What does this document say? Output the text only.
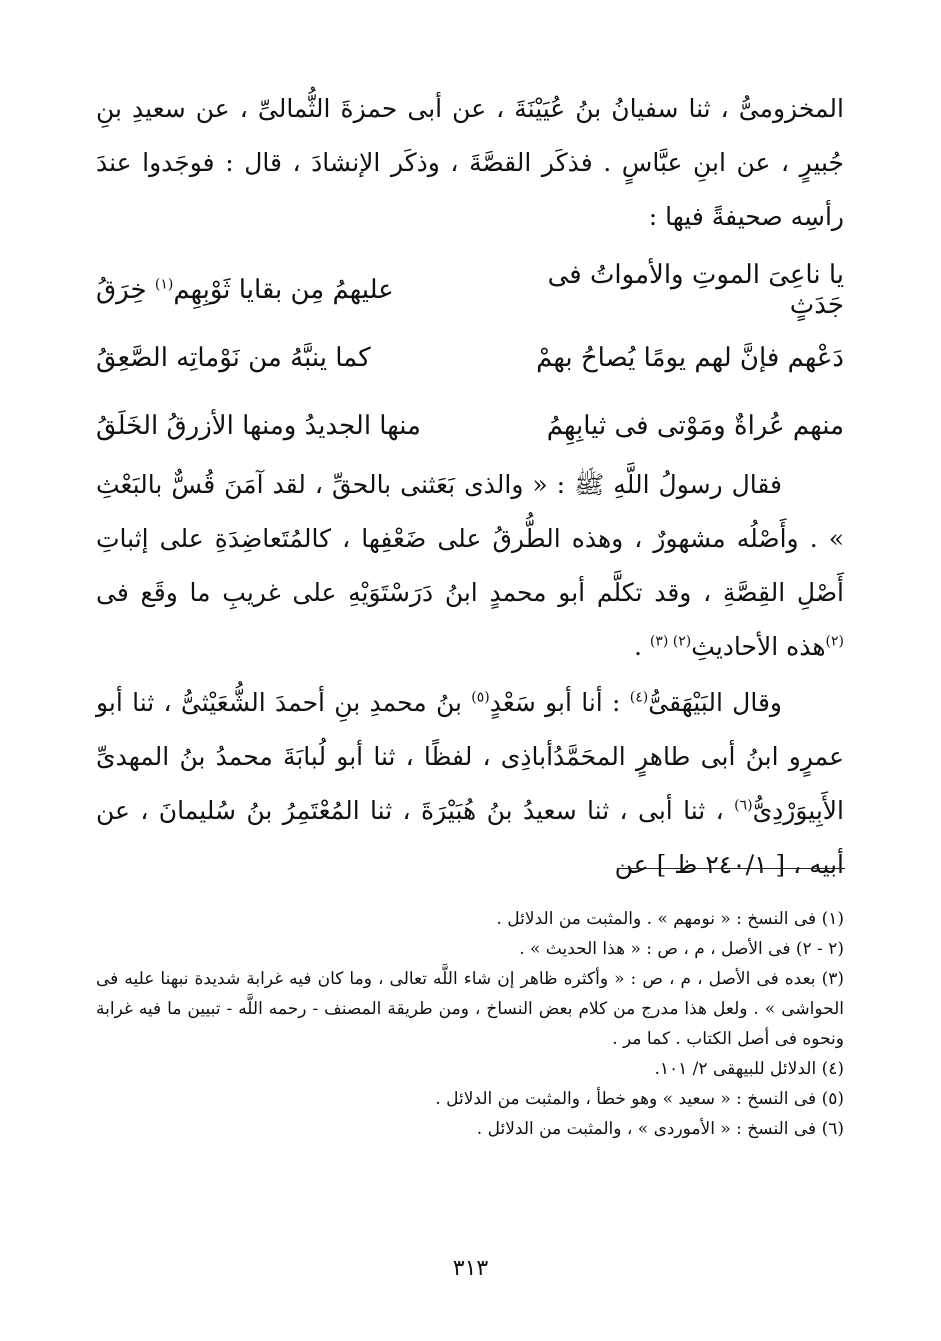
المخزومىُّ ، ثنا سفيانُ بنُ عُيَيْنَةَ ، عن أبى حمزةَ الثُّمالىِّ ، عن سعيدِ بنِ جُبيرٍ ، عن ابنِ عبَّاسٍ . فذكَر القصَّةَ ، وذكَر الإنشادَ ، قال : فوجَدوا عندَ رأسِه صحيفةً فيها :

يا ناعِىَ الموتِ والأمواتُ فى جَدَثٍ
عليهمُ مِن بقايا ثَوْبِهِم$^{(١)}$ خِرَقُ
دَعْهم فإنَّ لهم يومًا يُصاحُ بهمْ
كما ينبَّهُ من نَوْماتِه الصَّعِقُ
منهم عُراةٌ ومَوْتى فى ثيابِهِمُ
منها الجديدُ ومنها الأزرقُ الخَلَقُ

فقال رسولُ اللَّهِ ﷺ : « والذى بَعَثنى بالحقِّ ، لقد آمَنَ قُسٌّ بالبَعْثِ » . وأَصْلُه مشهورٌ ، وهذه الطُّرقُ على ضَعْفِها ، كالمُتَعاضِدَةِ على إثباتِ أَصْلِ القِصَّةِ ، وقد تكلَّم أبو محمدٍ ابنُ دَرَسْتَوَيْهِ على غريبِ ما وقَع فى $^{(٢)}$هذه الأحاديثِ$^{(٢) (٣)}$ .

وقال البَيْهَقىُّ$^{(٤)}$ : أنا أبو سَعْدٍ$^{(٥)}$ بنُ محمدِ بنِ أحمدَ الشُّعَيْثىُّ ، ثنا أبو عمرٍو ابنُ أبى طاهرٍ المحَمَّدُأباذِى ، لفظًا ، ثنا أبو لُبابَةَ محمدُ بنُ المهدىِّ الأَبِيوَرْدِىُّ$^{(٦)}$ ، ثنا أبى ، ثنا سعيدُ بنُ هُبَيْرَةَ ، ثنا المُعْتَمِرُ بنُ سُليمانَ ، عن أبيه ، [ ٢٤٠/١ ظ ] عن

(١) فى النسخ : « نومهم » . والمثبت من الدلائل .

(٢ - ٢) فى الأصل ، م ، ص : « هذا الحديث » .

(٣) بعده فى الأصل ، م ، ص : « وأكثره ظاهر إن شاء اللَّه تعالى ، وما كان فيه غرابة شديدة نبهنا عليه فى الحواشى » . ولعل هذا مدرج من كلام بعض النساخ ، ومن طريقة المصنف - رحمه اللَّه - تبيين ما فيه غرابة ونحوه فى أصل الكتاب . كما مر .

(٤) الدلائل للبيهقى ٢/ ١٠١.

(٥) فى النسخ : « سعيد » وهو خطأ ، والمثبت من الدلائل .

(٦) فى النسخ : « الأموردى » ، والمثبت من الدلائل .

٣١٣
